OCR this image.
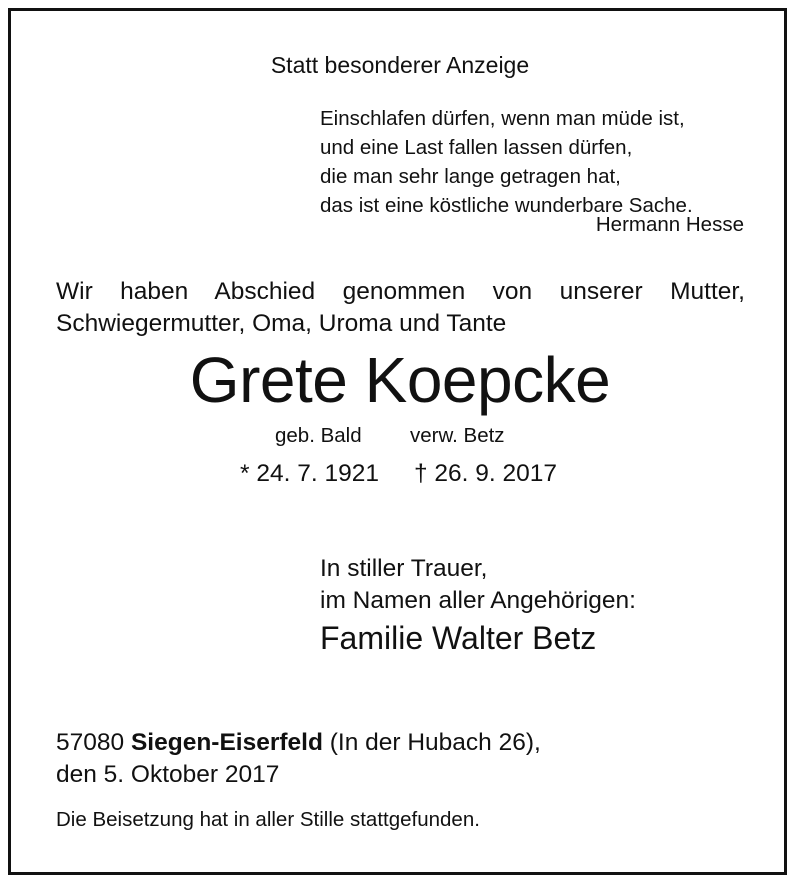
Statt besonderer Anzeige
Einschlafen dürfen, wenn man müde ist,
und eine Last fallen lassen dürfen,
die man sehr lange getragen hat,
das ist eine köstliche wunderbare Sache.
Hermann Hesse
Wir haben Abschied genommen von unserer Mutter,
Schwiegermutter, Oma, Uroma und Tante
Grete Koepcke
geb. Bald verw. Betz
* 24. 7. 1921 † 26. 9. 2017
In stiller Trauer,
im Namen aller Angehörigen:
Familie Walter Betz
57080 Siegen-Eiserfeld (In der Hubach 26),
den 5. Oktober 2017
Die Beisetzung hat in aller Stille stattgefunden.
